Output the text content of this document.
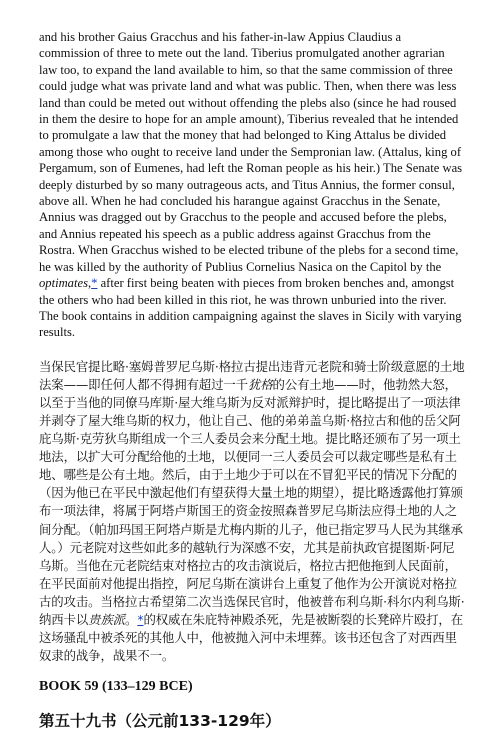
and his brother Gaius Gracchus and his father-in-law Appius Claudius a commission of three to mete out the land. Tiberius promulgated another agrarian law too, to expand the land available to him, so that the same commission of three could judge what was private land and what was public. Then, when there was less land than could be meted out without offending the plebs also (since he had roused in them the desire to hope for an ample amount), Tiberius revealed that he intended to promulgate a law that the money that had belonged to King Attalus be divided among those who ought to receive land under the Sempronian law. (Attalus, king of Pergamum, son of Eumenes, had left the Roman people as his heir.) The Senate was deeply disturbed by so many outrageous acts, and Titus Annius, the former consul, above all. When he had concluded his harangue against Gracchus in the Senate, Annius was dragged out by Gracchus to the people and accused before the plebs, and Annius repeated his speech as a public address against Gracchus from the Rostra. When Gracchus wished to be elected tribune of the plebs for a second time, he was killed by the authority of Publius Cornelius Nasica on the Capitol by the optimates,* after first being beaten with pieces from broken benches and, amongst the others who had been killed in this riot, he was thrown unburied into the river. The book contains in addition campaigning against the slaves in Sicily with varying results.

当保民官提比略·塞姆普罗尼乌斯·格拉古提出违背元老院和骑士阶级意愿的土地法案——即任何人都不得拥有超过一千犹格的公有土地——时，他勃然大怒，以至于当他的同僚马库斯·屋大维乌斯为反对派辩护时，提比略提出了一项法律并剥夺了屋大维乌斯的权力，他让自己、他的弟弟盖乌斯·格拉古和他的岳父阿庇乌斯·克劳狄乌斯组成一个三人委员会来分配土地。提比略还颁布了另一项土地法，以扩大可分配给他的土地，以便同一三人委员会可以裁定哪些是私有土地、哪些是公有土地。然后，由于土地少于可以在不冒犯平民的情况下分配的（因为他已在平民中激起他们有望获得大量土地的期望），提比略透露他打算颁布一项法律，将属于阿塔卢斯国王的资金按照森普罗尼乌斯法应得土地的人之间分配。（帕加玛国王阿塔卢斯是尤梅内斯的儿子，他已指定罗马人民为其继承人。）元老院对这些如此多的越轨行为深感不安，尤其是前执政官提图斯·阿尼乌斯。当他在元老院结束对格拉古的攻击演说后，格拉古把他拖到人民面前，在平民面前对他提出指控，阿尼乌斯在演讲台上重复了他作为公开演说对格拉古的攻击。当格拉古希望第二次当选保民官时，他被普布利乌斯·科尔内利乌斯·纳西卡以贵族派。*的权威在朱庇特神殿杀死，先是被断裂的长凳碎片殴打，在这场骚乱中被杀死的其他人中，他被抛入河中未埋葬。该书还包含了对西西里奴隶的战争，战果不一。

BOOK 59 (133–129 BCE)
第五十九书（公元前133-129年）
